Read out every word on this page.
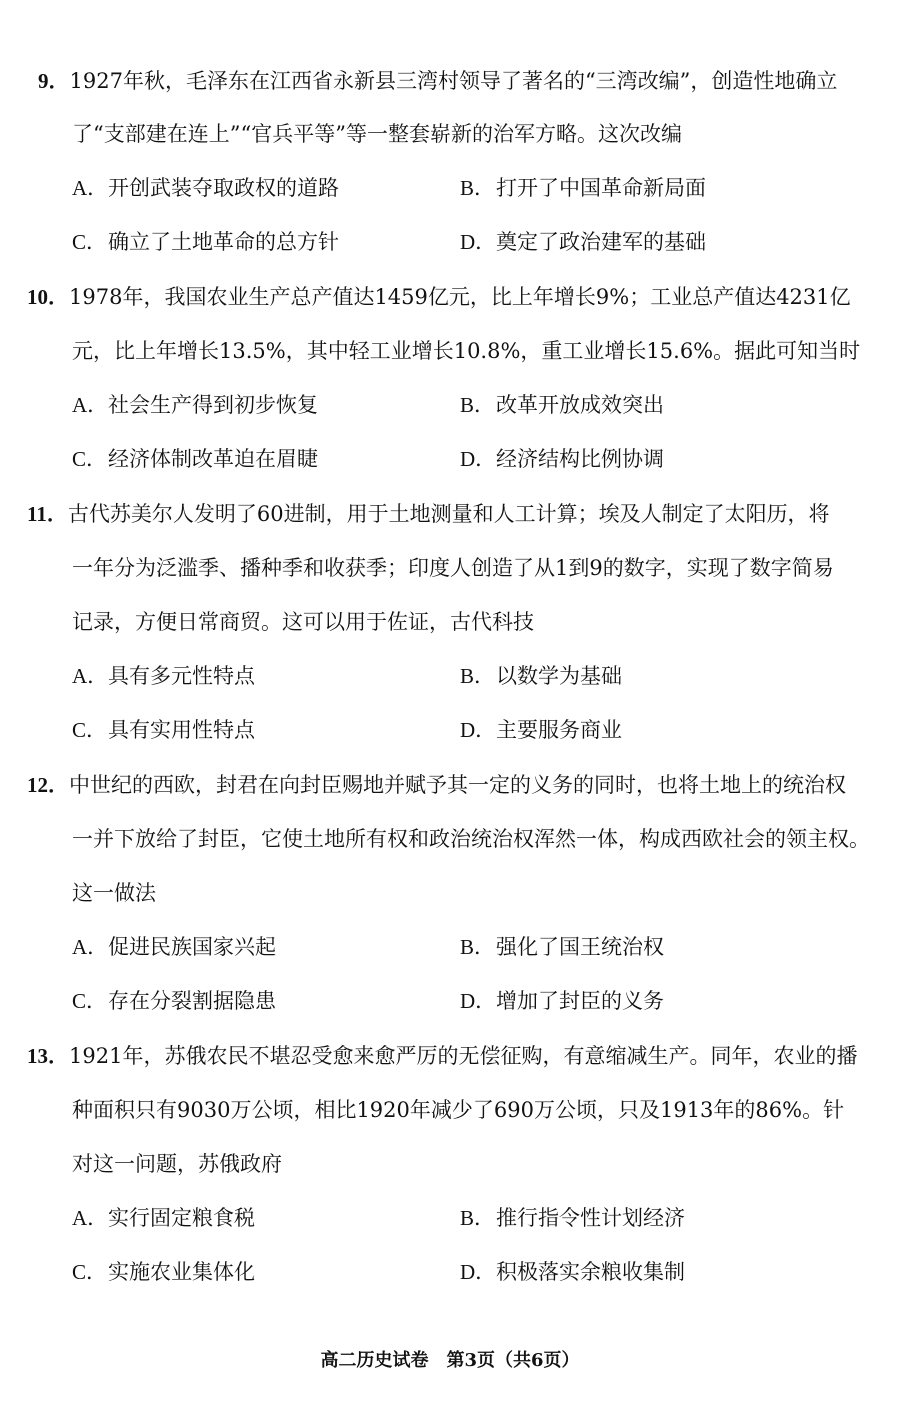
9．1927年秋，毛泽东在江西省永新县三湾村领导了著名的“三湾改编”，创造性地确立
了“支部建在连上”“官兵平等”等一整套崭新的治军方略。这次改编
A．开创武装夺取政权的道路	B．打开了中国革命新局面
C．确立了土地革命的总方针	D．奠定了政治建军的基础
10．1978年，我国农业生产总产值达1459亿元，比上年增长9%；工业总产值达4231亿
元，比上年增长13.5%，其中轻工业增长10.8%，重工业增长15.6%。据此可知当时
A．社会生产得到初步恢复	B．改革开放成效突出
C．经济体制改革迫在眉睫	D．经济结构比例协调
11．古代苏美尔人发明了60进制，用于土地测量和人工计算；埃及人制定了太阳历，将
一年分为泛滥季、播种季和收获季；印度人创造了从1到9的数字，实现了数字简易
记录，方便日常商贸。这可以用于佐证，古代科技
A．具有多元性特点	B．以数学为基础
C．具有实用性特点	D．主要服务商业
12．中世纪的西欧，封君在向封臣赐地并赋予其一定的义务的同时，也将土地上的统治权
一并下放给了封臣，它使土地所有权和政治统治权浑然一体，构成西欧社会的领主权。
这一做法
A．促进民族国家兴起	B．强化了国王统治权
C．存在分裂割据隐患	D．增加了封臣的义务
13．1921年，苏俄农民不堪忍受愈来愈严厉的无偿征购，有意缩减生产。同年，农业的播
种面积只有9030万公顷，相比1920年减少了690万公顷，只及1913年的86%。针
对这一问题，苏俄政府
A．实行固定粮食税	B．推行指令性计划经济
C．实施农业集体化	D．积极落实余粮收集制
高二历史试卷　第3页（共6页）
